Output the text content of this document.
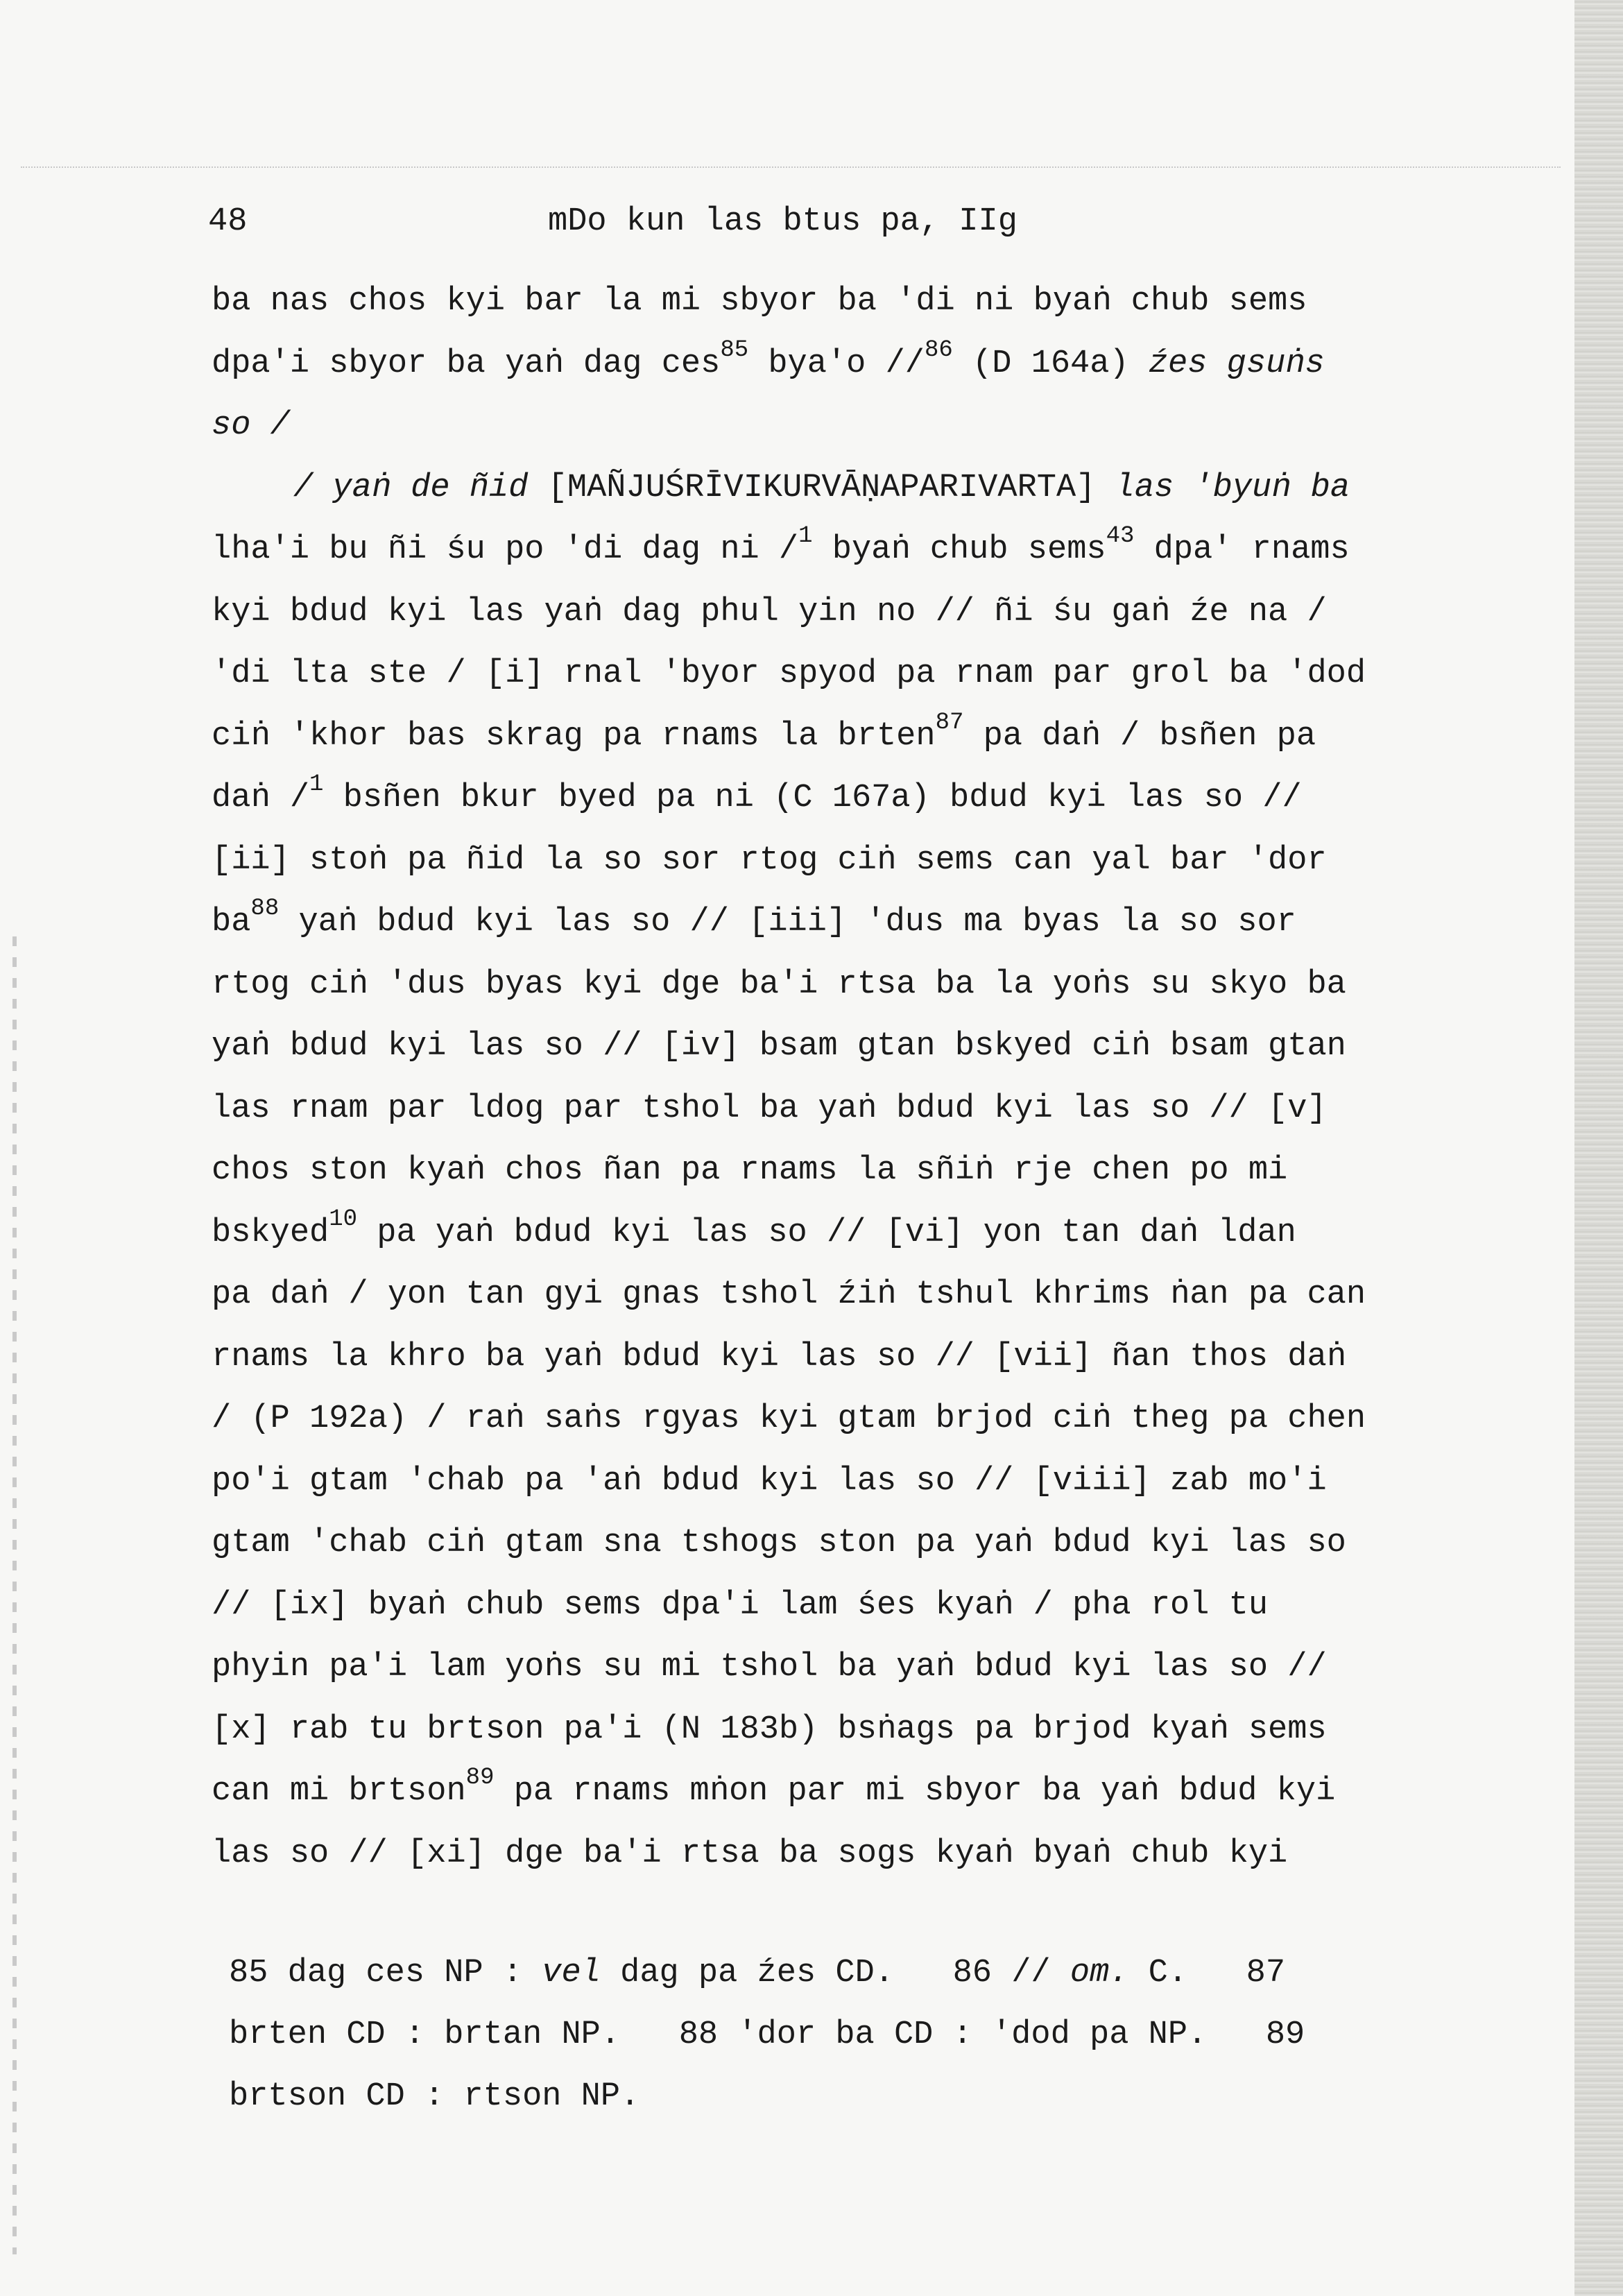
48	mDo kun las btus pa, IIg
ba nas chos kyi bar la mi sbyor ba 'di ni byaṅ chub sems
dpa'i sbyor ba yaṅ dag ces$^{85}$ bya'o //$^{86}$ (D 164a) źes gsuṅs
so /
/ yaṅ de ñid [MAÑJUŚRĪVIKURVĀṆAPARIVARTA] las 'byuṅ ba
lha'i bu ñi śu po 'di dag ni /$^1$ byaṅ chub sems$^{43}$ dpa' rnams
kyi bdud kyi las yaṅ dag phul yin no // ñi śu gaṅ źe na /
'di lta ste / [i] rnal 'byor spyod pa rnam par grol ba 'dod
ciṅ 'khor bas skrag pa rnams la brten$^{87}$ pa daṅ / bsñen pa
daṅ /$^1$ bsñen bkur byed pa ni (C 167a) bdud kyi las so //
[ii] stoṅ pa ñid la so sor rtog ciṅ sems can yal bar 'dor
$ba^{88}$ yaṅ bdud kyi las so // [iii] 'dus ma byas la so sor
rtog ciṅ 'dus byas kyi dge ba'i rtsa ba la yoṅs su skyo ba
yaṅ bdud kyi las so // [iv] bsam gtan bskyed ciṅ bsam gtan
las rnam par ldog par tshol ba yaṅ bdud kyi las so // [v]
chos ston kyaṅ chos ñan pa rnams la sñiṅ rje chen po mi
bskyed$^{10}$ pa yaṅ bdud kyi las so // [vi] yon tan daṅ ldan
pa daṅ / yon tan gyi gnas tshol źiṅ tshul khrims ṅan pa can
rnams la khro ba yaṅ bdud kyi las so // [vii] ñan thos daṅ
/ (P 192a) / raṅ saṅs rgyas kyi gtam brjod ciṅ theg pa chen
po'i gtam 'chab pa 'aṅ bdud kyi las so // [viii] zab mo'i
gtam 'chab ciṅ gtam sna tshogs ston pa yaṅ bdud kyi las so
// [ix] byaṅ chub sems dpa'i lam śes kyaṅ / pha rol tu
phyin pa'i lam yoṅs su mi tshol ba yaṅ bdud kyi las so //
[x] rab tu brtson pa'i (N 183b) bsṅags pa brjod kyaṅ sems
can mi brtson$^{89}$ pa rnams mṅon par mi sbyor ba yaṅ bdud kyi
las so // [xi] dge ba'i rtsa ba sogs kyaṅ byaṅ chub kyi
85 dag ces NP : vel dag pa źes CD.   86 // om. C.   87
brten CD : brtan NP.   88 'dor ba CD : 'dod pa NP.   89
brtson CD : rtson NP.
